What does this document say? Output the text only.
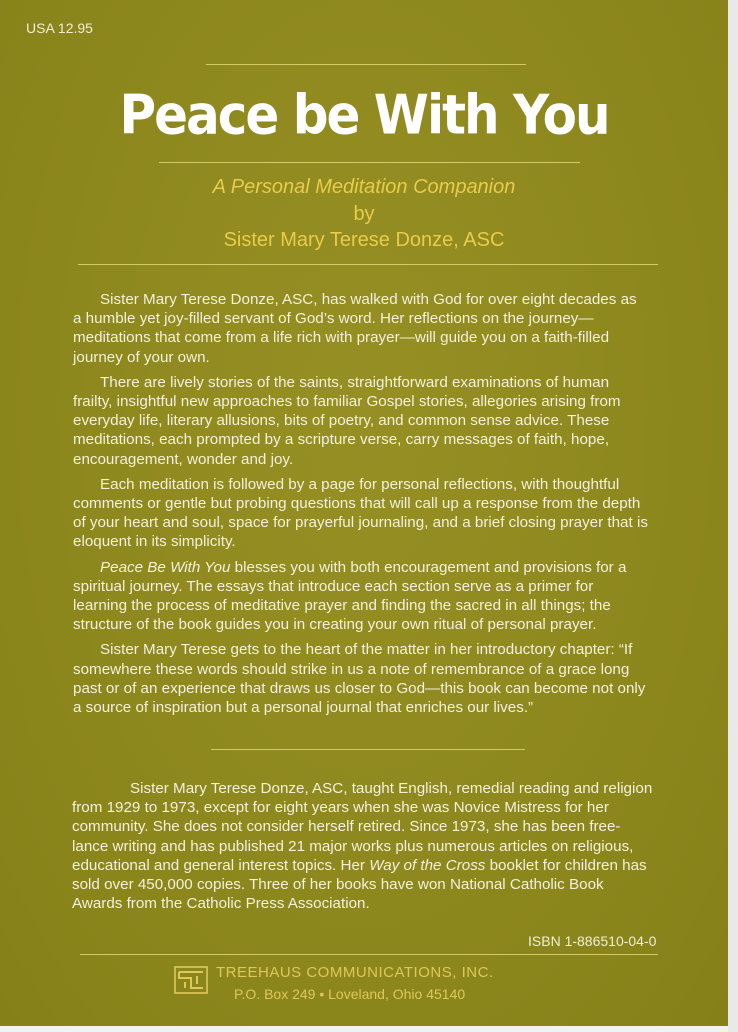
USA 12.95
Peace be With You
A Personal Meditation Companion
by
Sister Mary Terese Donze, ASC

Sister Mary Terese Donze, ASC, has walked with God for over eight decades as a humble yet joy-filled servant of God’s word. Her reflections on the journey—meditations that come from a life rich with prayer—will guide you on a faith-filled journey of your own.

There are lively stories of the saints, straightforward examinations of human frailty, insightful new approaches to familiar Gospel stories, allegories arising from everyday life, literary allusions, bits of poetry, and common sense advice. These meditations, each prompted by a scripture verse, carry messages of faith, hope, encouragement, wonder and joy.

Each meditation is followed by a page for personal reflections, with thoughtful comments or gentle but probing questions that will call up a response from the depth of your heart and soul, space for prayerful journaling, and a brief closing prayer that is eloquent in its simplicity.

Peace Be With You blesses you with both encouragement and provisions for a spiritual journey. The essays that introduce each section serve as a primer for learning the process of meditative prayer and finding the sacred in all things; the structure of the book guides you in creating your own ritual of personal prayer.

Sister Mary Terese gets to the heart of the matter in her introductory chapter: “If somewhere these words should strike in us a note of remembrance of a grace long past or of an experience that draws us closer to God—this book can become not only a source of inspiration but a personal journal that enriches our lives.”

Sister Mary Terese Donze, ASC, taught English, remedial reading and religion from 1929 to 1973, except for eight years when she was Novice Mistress for her community. She does not consider herself retired. Since 1973, she has been free-lance writing and has published 21 major works plus numerous articles on religious, educational and general interest topics. Her Way of the Cross booklet for children has sold over 450,000 copies. Three of her books have won National Catholic Book Awards from the Catholic Press Association.

ISBN 1-886510-04-0
TREEHAUS COMMUNICATIONS, INC.
P.O. Box 249 • Loveland, Ohio 45140
